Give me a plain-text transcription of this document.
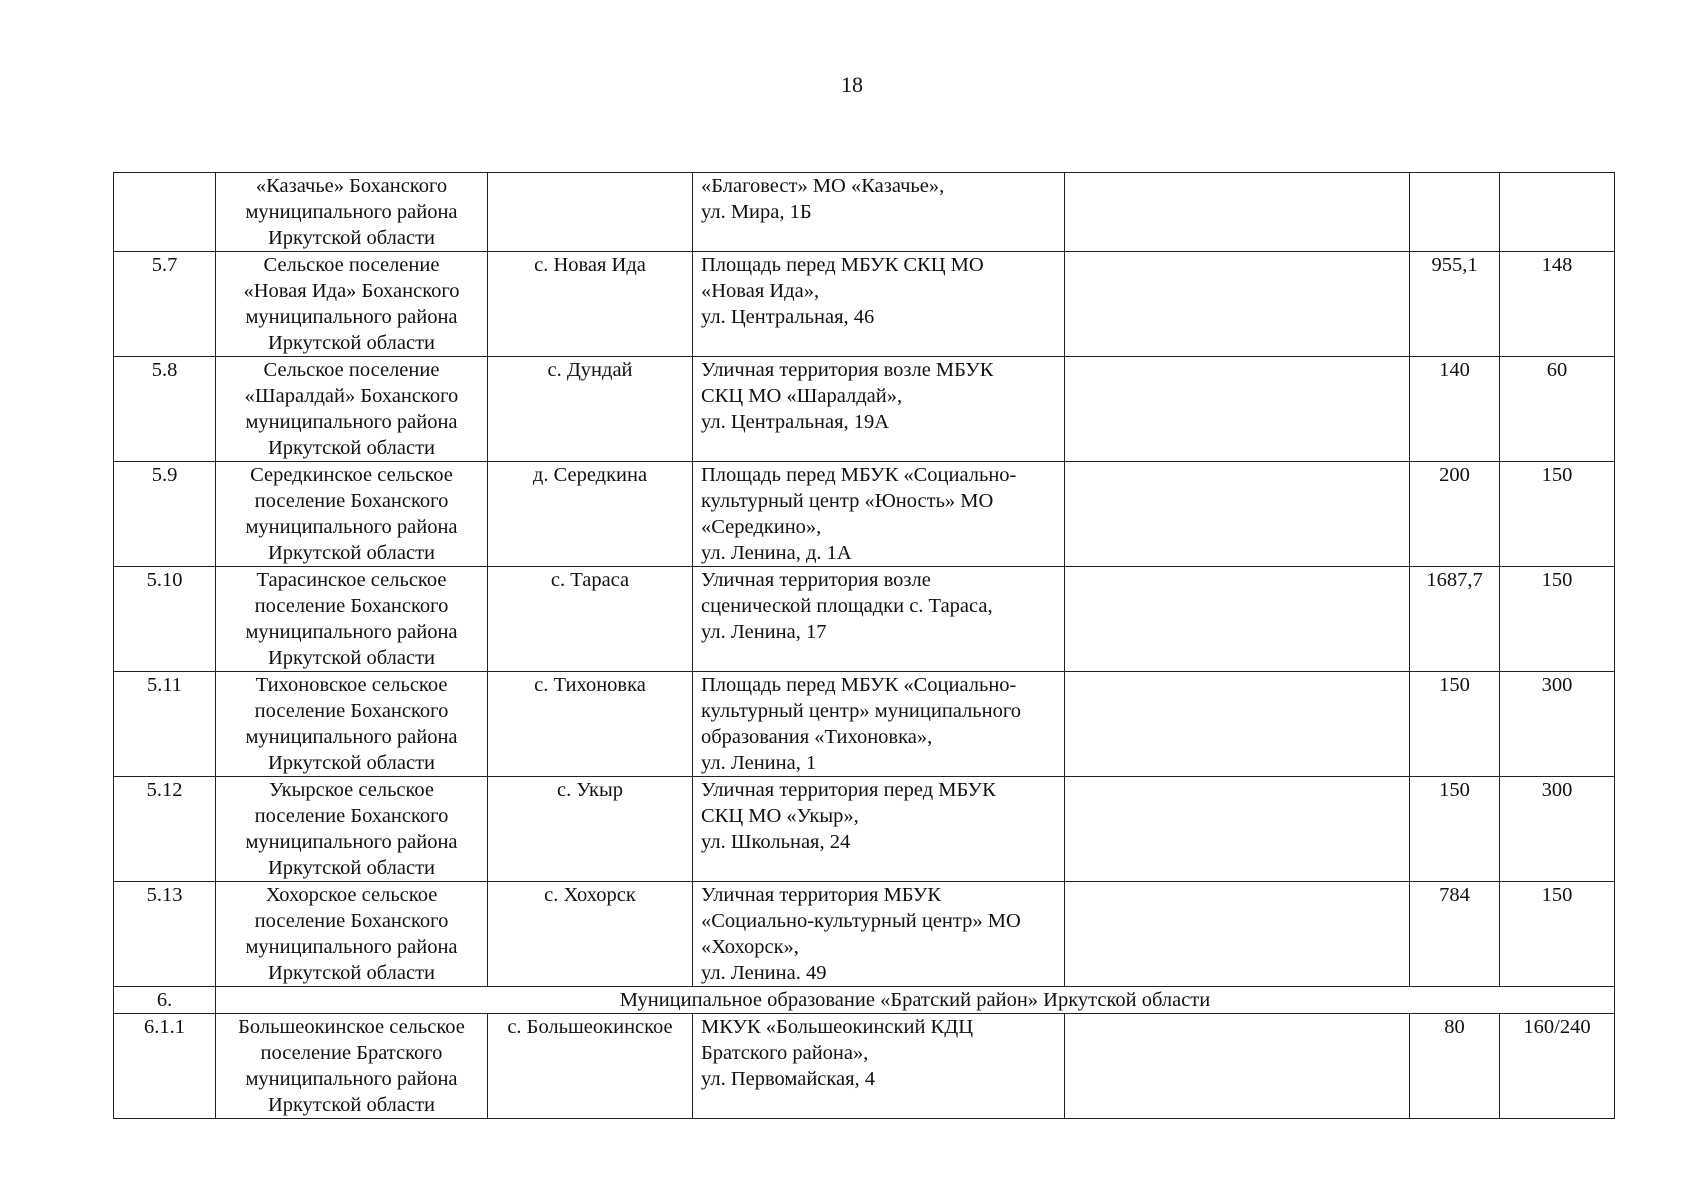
18

	«Казачье» Боханского
муниципального района
Иркутской области		«Благовест» МО «Казачье»,
ул. Мира, 1Б			

5.7	Сельское поселение
«Новая Ида» Боханского
муниципального района
Иркутской области	с. Новая Ида	Площадь перед МБУК СКЦ МО
«Новая Ида»,
ул. Центральная, 46		955,1	148
5.8	Сельское поселение
«Шаралдай» Боханского
муниципального района
Иркутской области	с. Дундай	Уличная территория возле МБУК
СКЦ МО «Шаралдай»,
ул. Центральная, 19А		140	60
5.9	Середкинское сельское
поселение Боханского
муниципального района
Иркутской области	д. Середкина	Площадь перед МБУК «Социально-
культурный центр «Юность» МО
«Середкино»,
ул. Ленина, д. 1А		200	150
5.10	Тарасинское сельское
поселение Боханского
муниципального района
Иркутской области	с. Тараса	Уличная территория возле
сценической площадки с. Тараса,
ул. Ленина, 17		1687,7	150
5.11	Тихоновское сельское
поселение Боханского
муниципального района
Иркутской области	с. Тихоновка	Площадь перед МБУК «Социально-
культурный центр» муниципального
образования «Тихоновка»,
ул. Ленина, 1		150	300
5.12	Укырское сельское
поселение Боханского
муниципального района
Иркутской области	с. Укыр	Уличная территория перед МБУК
СКЦ МО «Укыр»,
ул. Школьная, 24		150	300
5.13	Хохорское сельское
поселение Боханского
муниципального района
Иркутской области	с. Хохорск	Уличная территория МБУК
«Социально-культурный центр» МО
«Хохорск»,
ул. Ленина. 49		784	150
6.	Муниципальное образование «Братский район» Иркутской области					
6.1.1	Большеокинское сельское
поселение Братского
муниципального района
Иркутской области	с. Большеокинское	МКУК «Большеокинский КДЦ
Братского района»,
ул. Первомайская, 4		80	160/240
